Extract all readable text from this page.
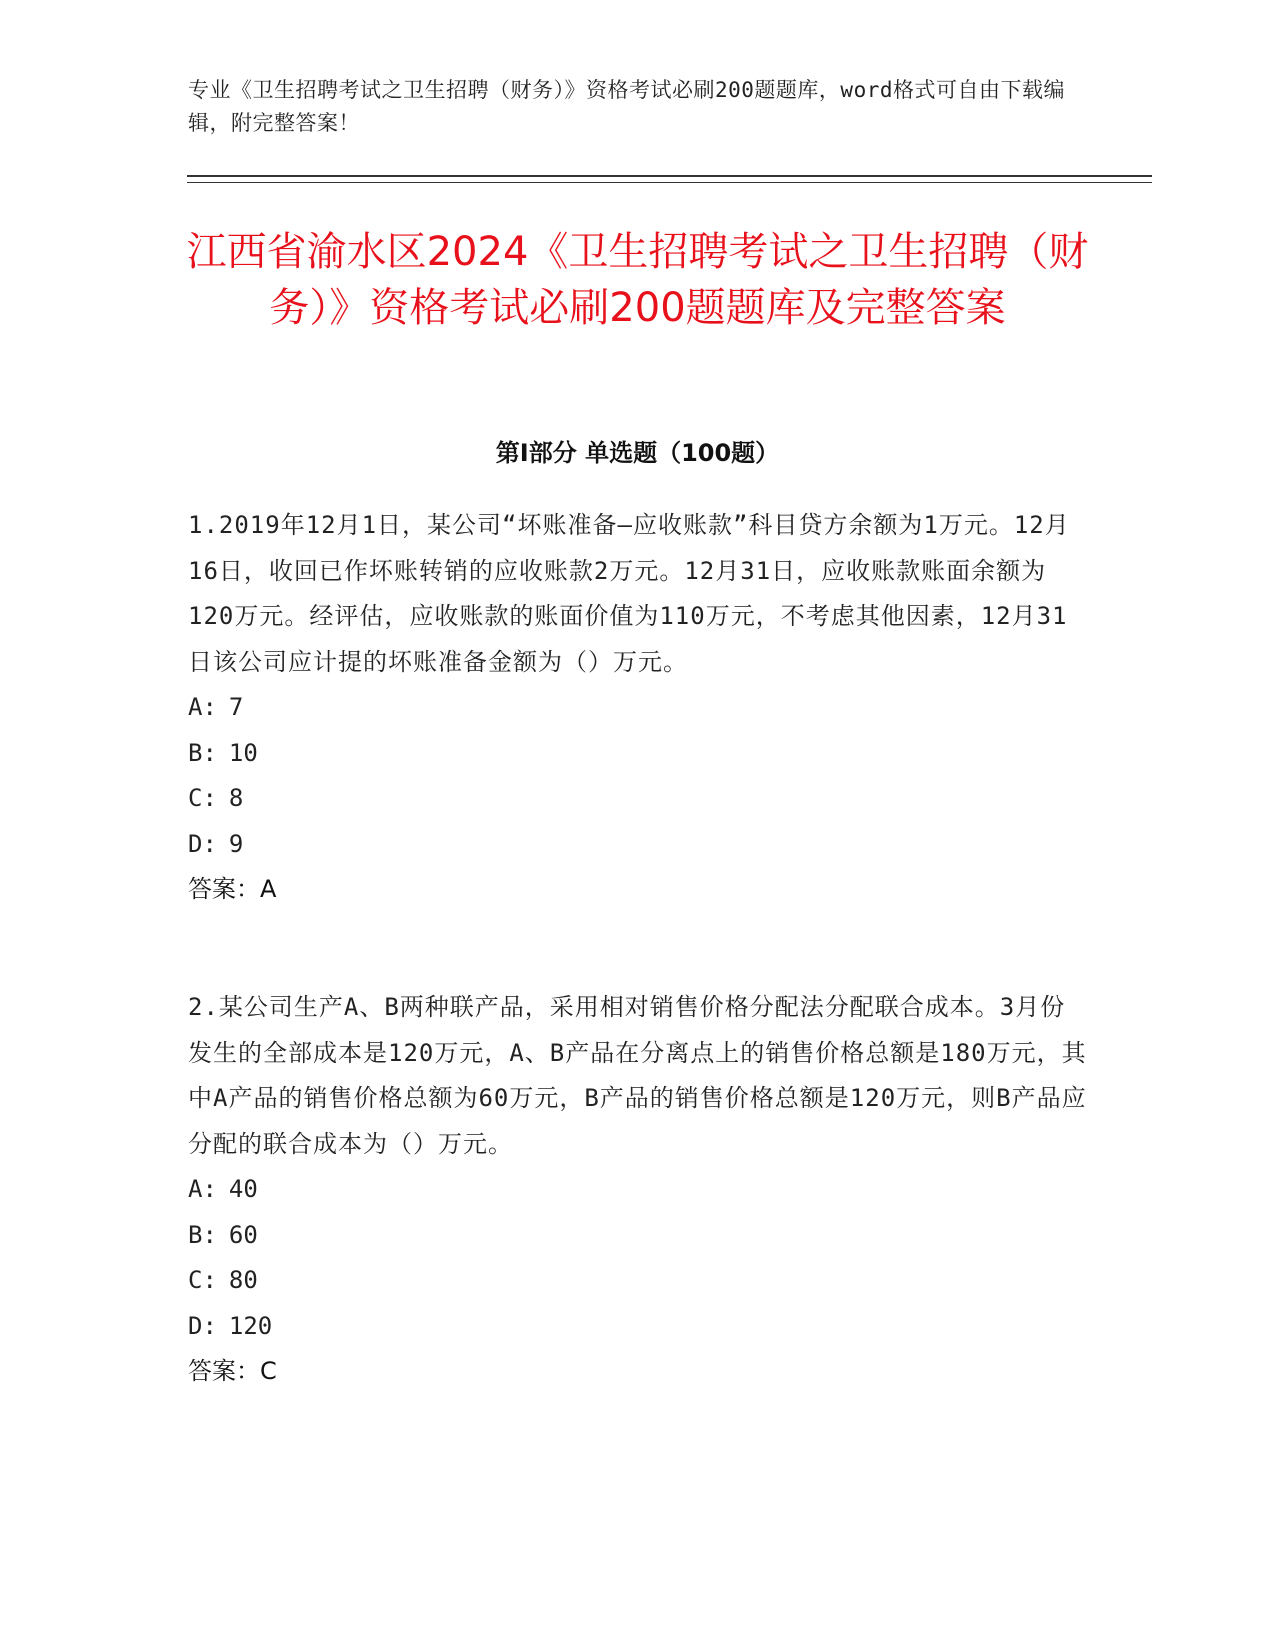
专业《卫生招聘考试之卫生招聘（财务）》资格考试必刷200题题库，word格式可自由下载编辑，附完整答案！
江西省渝水区2024《卫生招聘考试之卫生招聘（财务）》资格考试必刷200题题库及完整答案
第I部分 单选题（100题）

1.2019年12月1日，某公司“坏账准备—应收账款”科目贷方余额为1万元。12月16日，收回已作坏账转销的应收账款2万元。12月31日，应收账款账面余额为120万元。经评估，应收账款的账面价值为110万元，不考虑其他因素，12月31日该公司应计提的坏账准备金额为（）万元。

A: 7

B: 10

C: 8

D: 9

答案：A

2.某公司生产A、B两种联产品，采用相对销售价格分配法分配联合成本。3月份发生的全部成本是120万元，A、B产品在分离点上的销售价格总额是180万元，其中A产品的销售价格总额为60万元，B产品的销售价格总额是120万元，则B产品应分配的联合成本为（）万元。

A: 40

B: 60

C: 80

D: 120

答案：C
